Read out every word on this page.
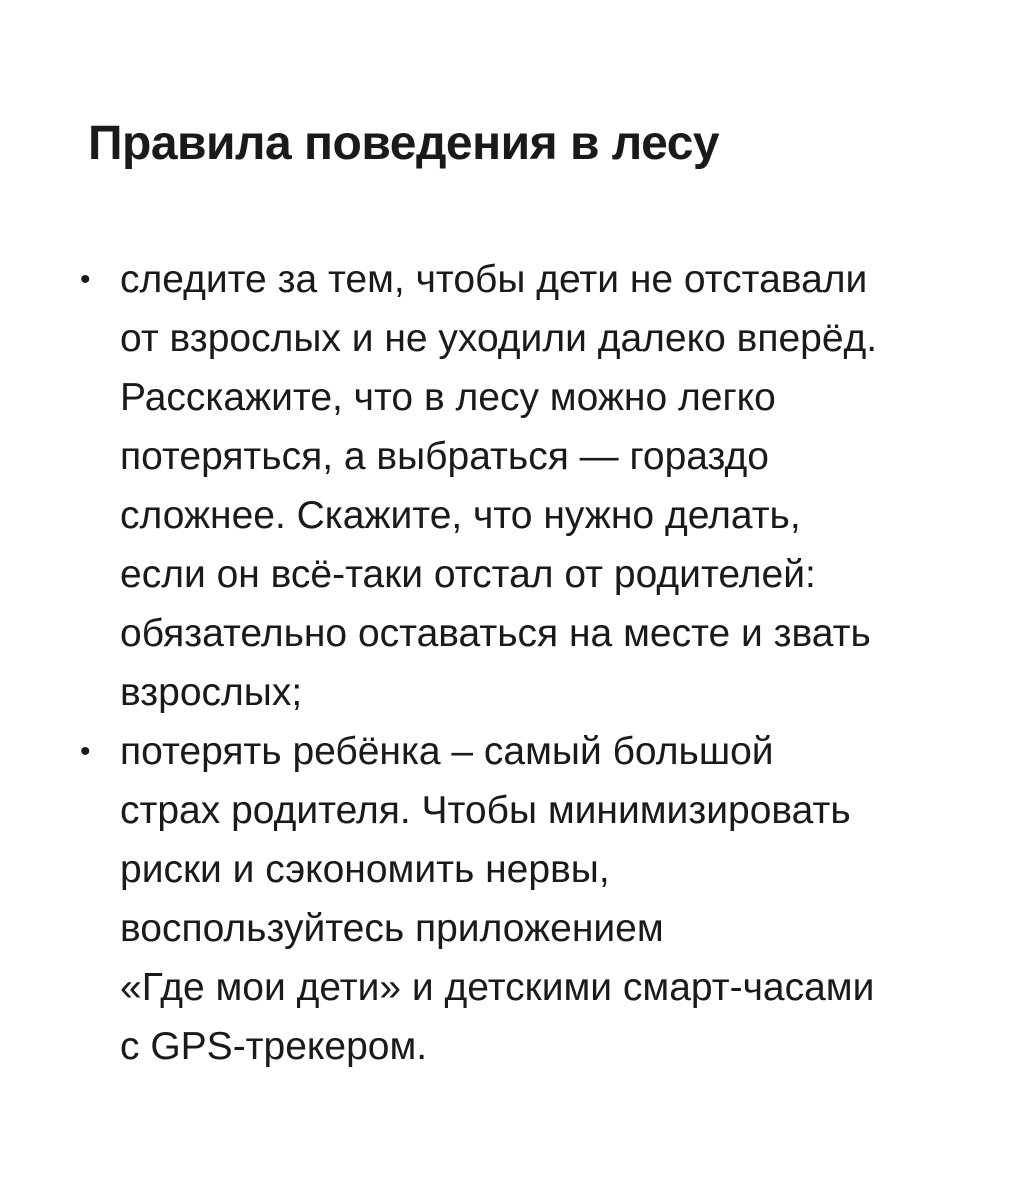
Правила поведения в лесу
• следите за тем, чтобы дети не отставали
от взрослых и не уходили далеко вперёд.
Расскажите, что в лесу можно легко
потеряться, а выбраться — гораздо
сложнее. Скажите, что нужно делать,
если он всё-таки отстал от родителей:
обязательно оставаться на месте и звать
взрослых;
• потерять ребёнка – самый большой
страх родителя. Чтобы минимизировать
риски и сэкономить нервы,
воспользуйтесь приложением
«Где мои дети» и детскими смарт-часами
с GPS-трекером.
